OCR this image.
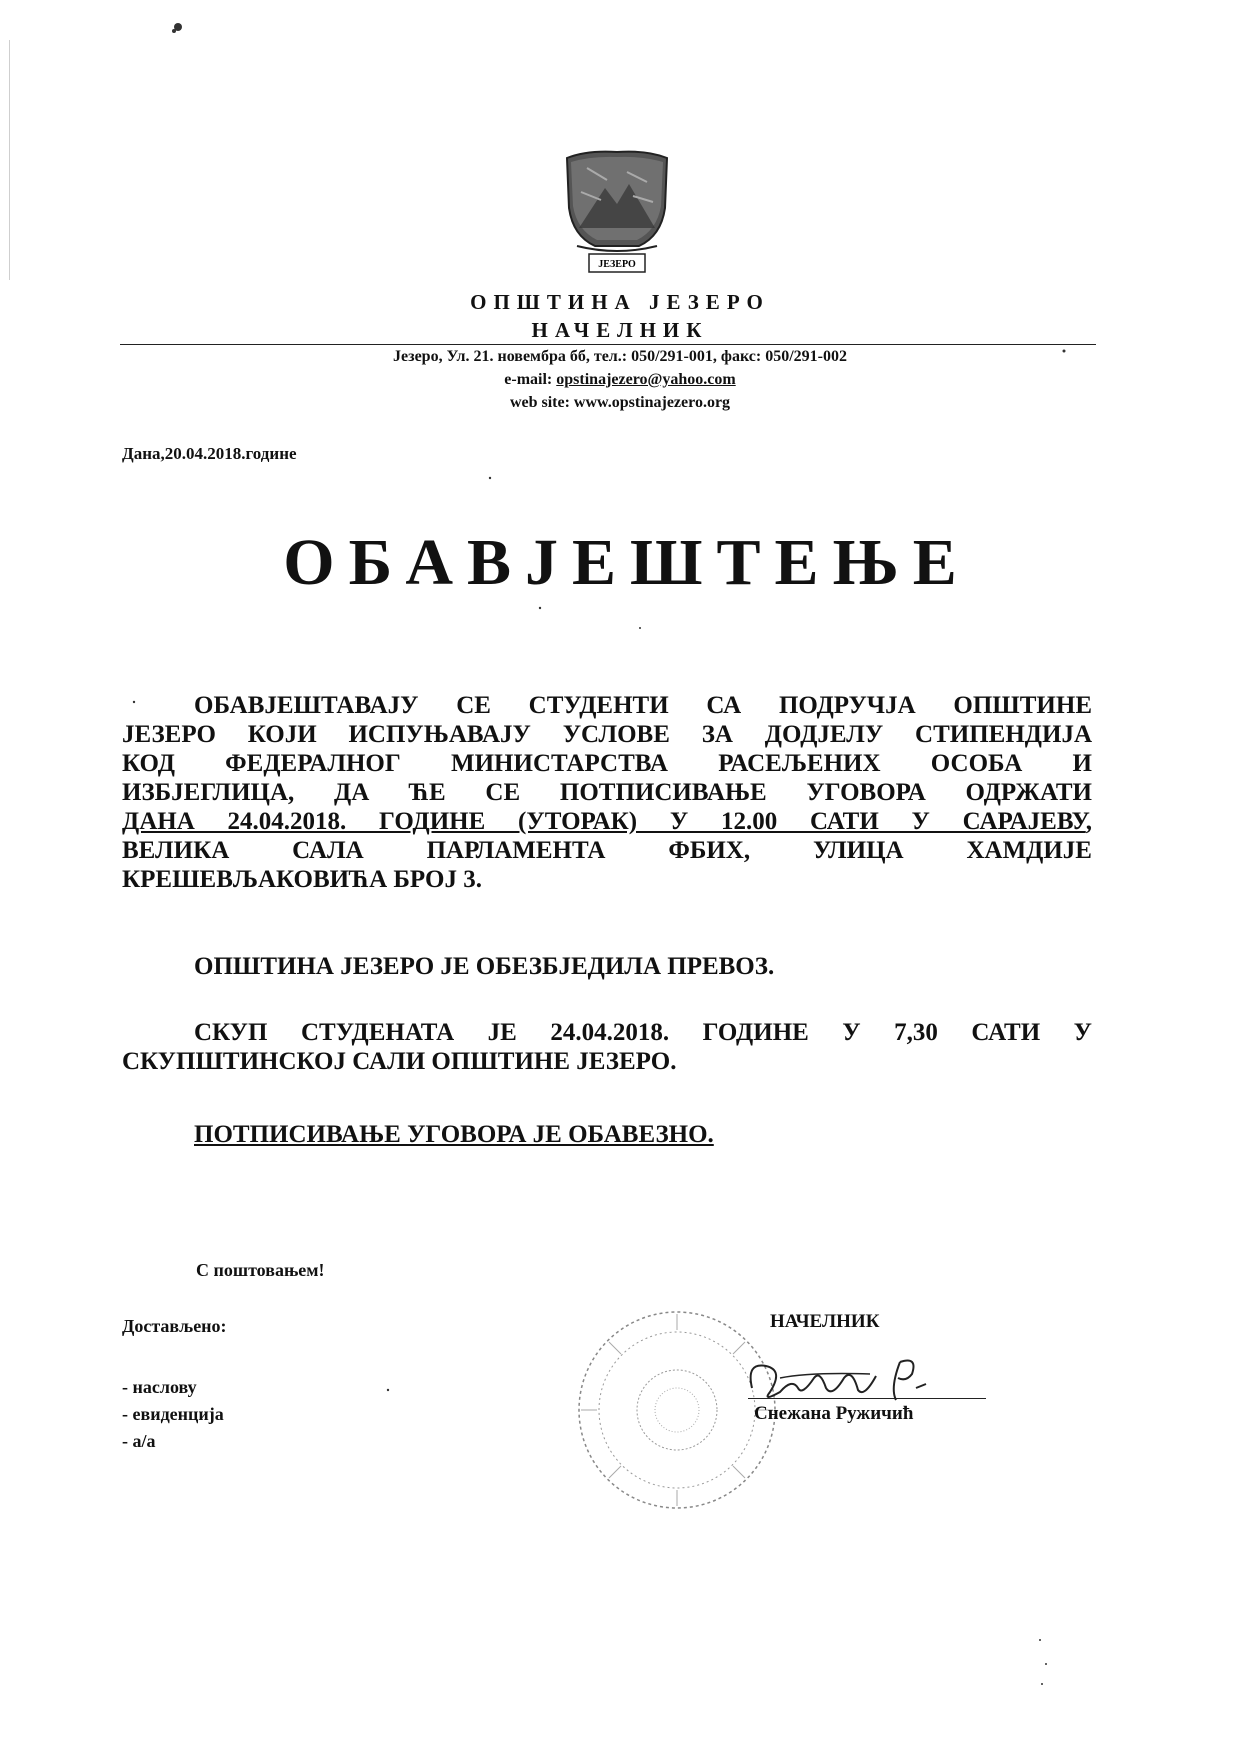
ЈЕЗЕРО
ОПШТИНА ЈЕЗЕРО
НАЧЕЛНИК
Језеро, Ул. 21. новембра бб, тел.: 050/291-001, факс: 050/291-002
e-mail: opstinajezero@yahoo.com
web site: www.opstinajezero.org
Дана,20.04.2018.године
ОБАВЈЕШТЕЊЕ
ОБАВЈЕШТАВАЈУ СЕ СТУДЕНТИ СА ПОДРУЧЈА ОПШТИНЕ
ЈЕЗЕРО КОЈИ ИСПУЊАВАЈУ УСЛОВЕ ЗА ДОДЈЕЛУ СТИПЕНДИЈА
КОД ФЕДЕРАЛНОГ МИНИСТАРСТВА РАСЕЉЕНИХ ОСОБА И
ИЗБЈЕГЛИЦА, ДА ЋЕ СЕ ПОТПИСИВАЊЕ УГОВОРА ОДРЖАТИ
ДАНА 24.04.2018. ГОДИНЕ (УТОРАК) У 12.00 САТИ У САРАЈЕВУ,
ВЕЛИКА САЛА ПАРЛАМЕНТА ФБИХ, УЛИЦА ХАМДИЈЕ
КРЕШЕВЉАКОВИЋА БРОЈ 3.
ОПШТИНА ЈЕЗЕРО ЈЕ ОБЕЗБЈЕДИЛА ПРЕВОЗ.
СКУП СТУДЕНАТА ЈЕ 24.04.2018. ГОДИНЕ У 7,30 САТИ У
СКУПШТИНСКОЈ САЛИ ОПШТИНЕ ЈЕЗЕРО.
ПОТПИСИВАЊЕ УГОВОРА ЈЕ ОБАВЕЗНО.
С поштовањем!
Достављено:
- наслову
- евиденција
- а/а
НАЧЕЛНИК
Снежана Ружичић
